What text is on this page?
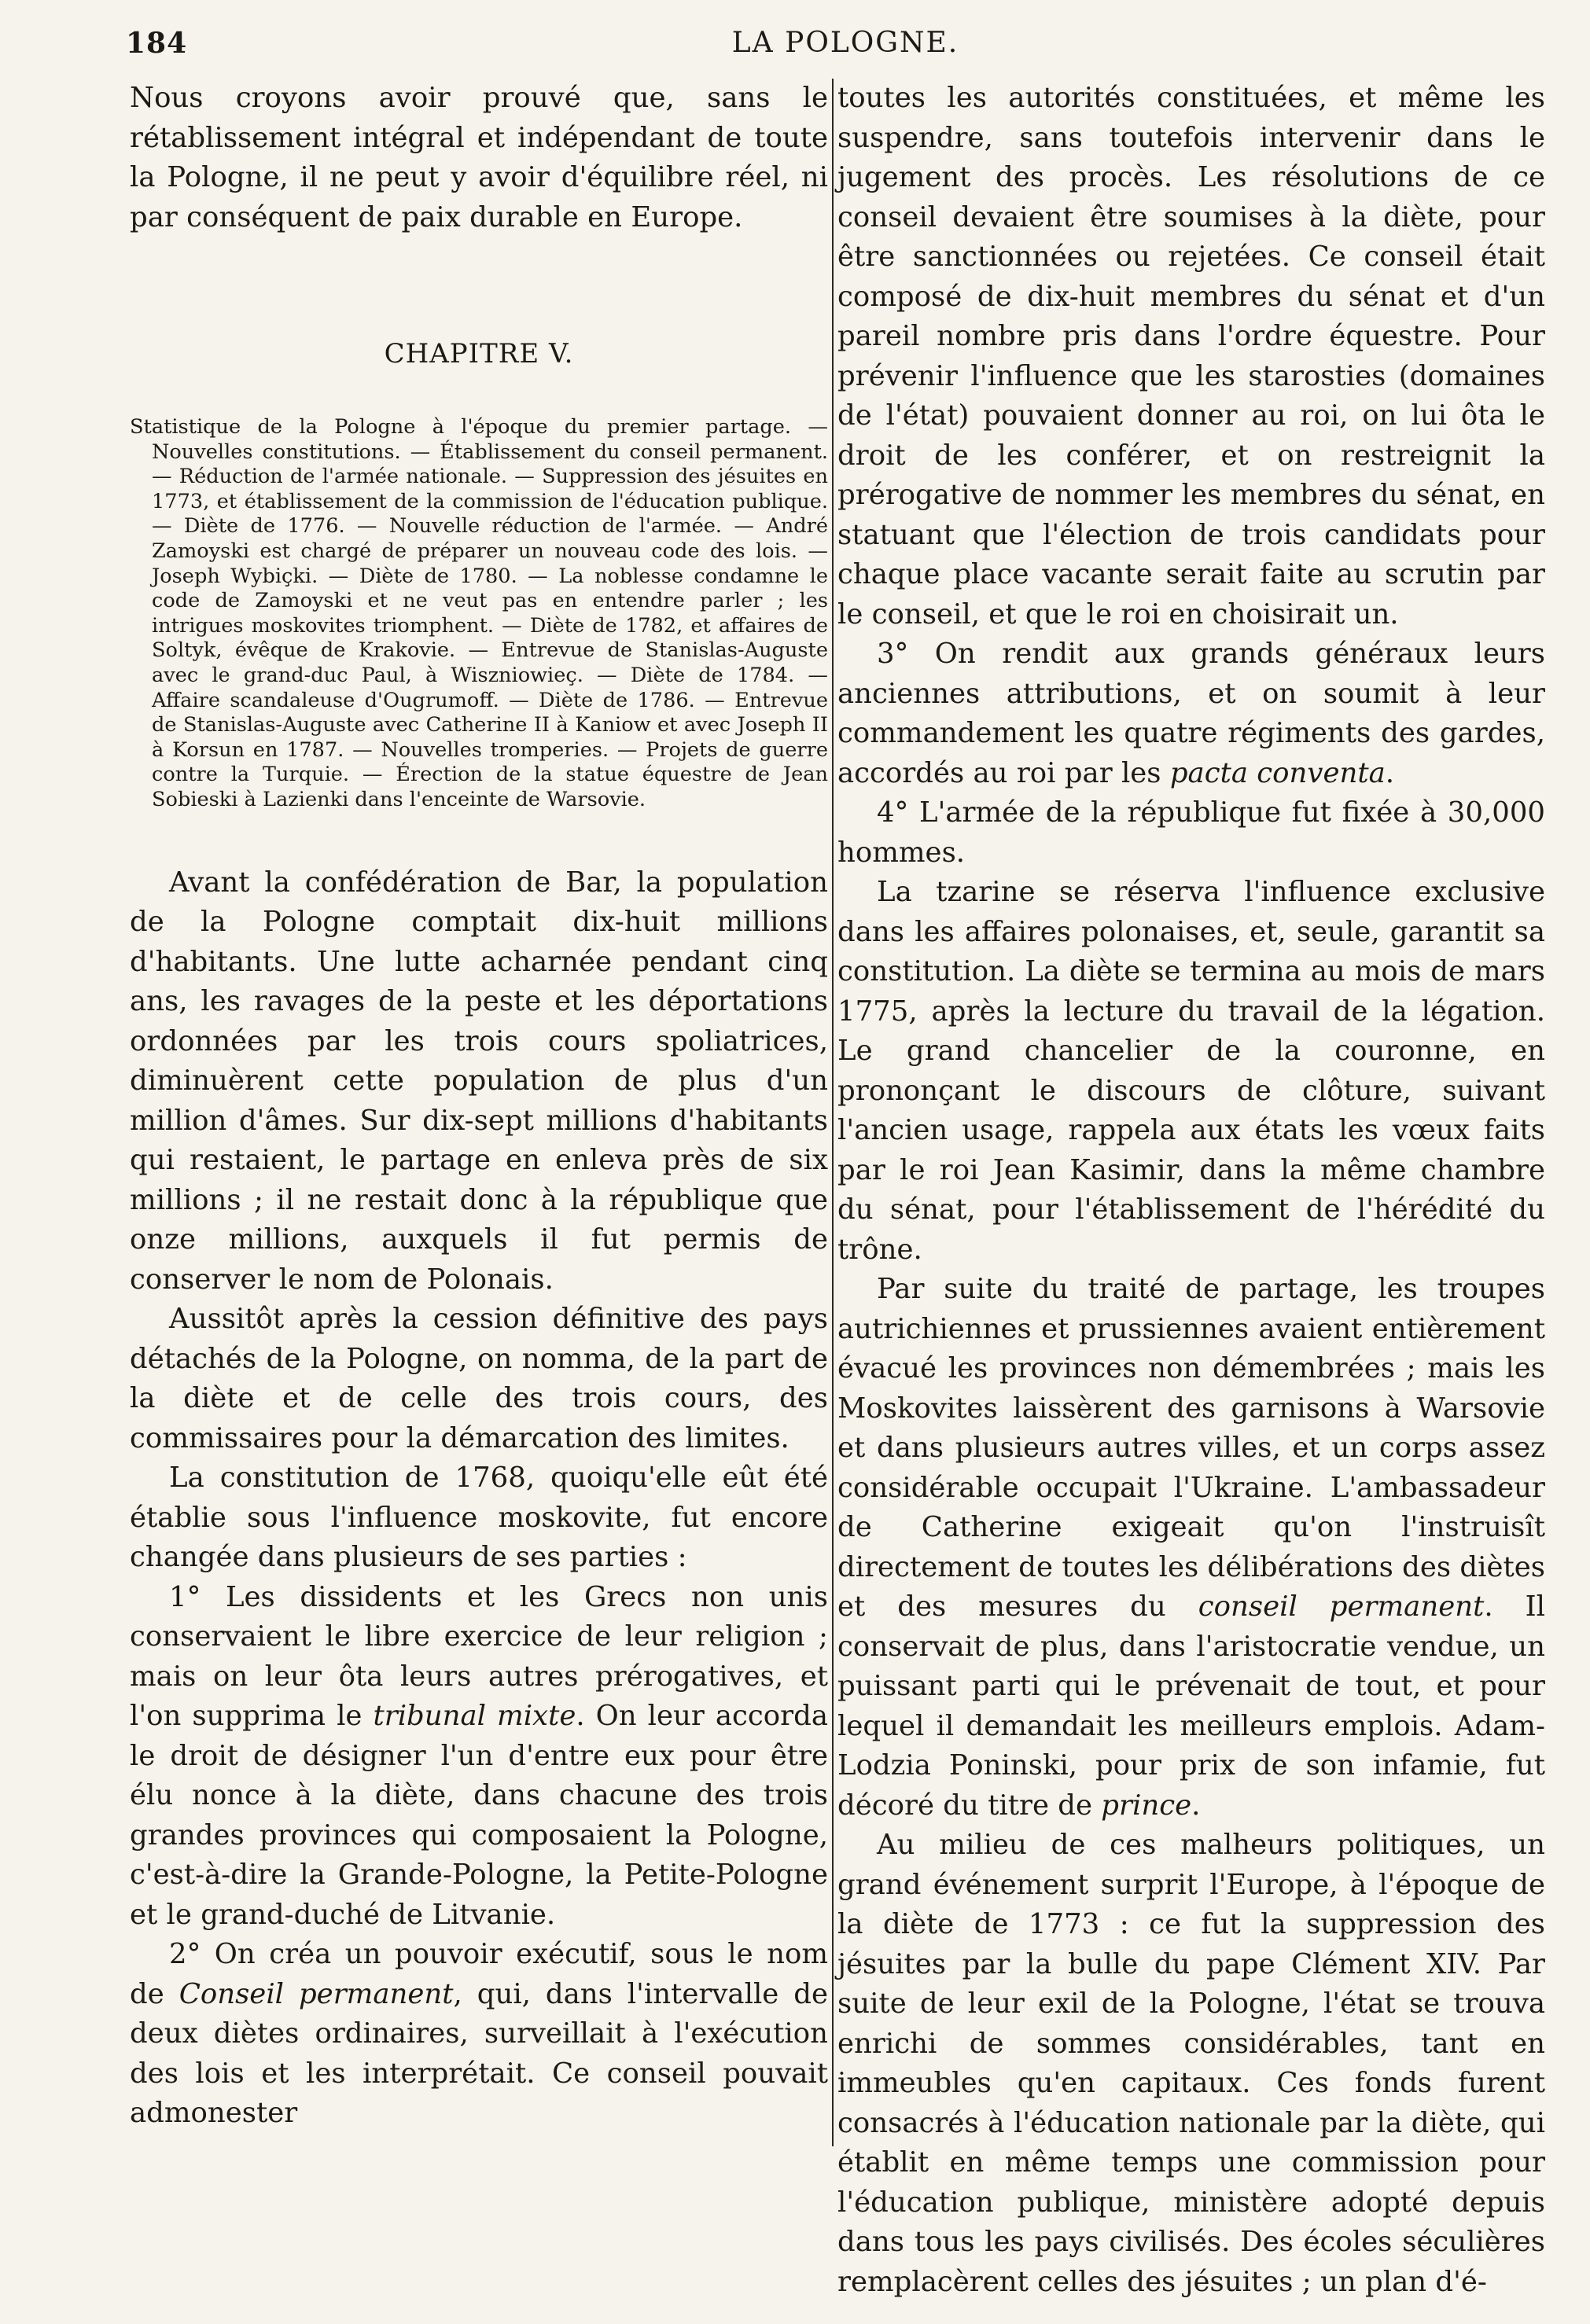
184	LA POLOGNE.

Nous croyons avoir prouvé que, sans le rétablissement intégral et indépendant de toute la Pologne, il ne peut y avoir d'équilibre réel, ni par conséquent de paix durable en Europe.

CHAPITRE V.

Statistique de la Pologne à l'époque du premier partage. — Nouvelles constitutions. — Établissement du conseil permanent. — Réduction de l'armée nationale. — Suppression des jésuites en 1773, et établissement de la commission de l'éducation publique. — Diète de 1776. — Nouvelle réduction de l'armée. — André Zamoyski est chargé de préparer un nouveau code des lois. — Joseph Wybiçki. — Diète de 1780. — La noblesse condamne le code de Zamoyski et ne veut pas en entendre parler ; les intrigues moskovites triomphent. — Diète de 1782, et affaires de Soltyk, évêque de Krakovie. — Entrevue de Stanislas-Auguste avec le grand-duc Paul, à Wiszniowieç. — Diète de 1784. — Affaire scandaleuse d'Ougrumoff. — Diète de 1786. — Entrevue de Stanislas-Auguste avec Catherine II à Kaniow et avec Joseph II à Korsun en 1787. — Nouvelles tromperies. — Projets de guerre contre la Turquie. — Érection de la statue équestre de Jean Sobieski à Lazienki dans l'enceinte de Warsovie.

Avant la confédération de Bar, la population de la Pologne comptait dix-huit millions d'habitants. Une lutte acharnée pendant cinq ans, les ravages de la peste et les déportations ordonnées par les trois cours spoliatrices, diminuèrent cette population de plus d'un million d'âmes. Sur dix-sept millions d'habitants qui restaient, le partage en enleva près de six millions ; il ne restait donc à la république que onze millions, auxquels il fut permis de conserver le nom de Polonais.

Aussitôt après la cession définitive des pays détachés de la Pologne, on nomma, de la part de la diète et de celle des trois cours, des commissaires pour la démarcation des limites.

La constitution de 1768, quoiqu'elle eût été établie sous l'influence moskovite, fut encore changée dans plusieurs de ses parties :

1° Les dissidents et les Grecs non unis conservaient le libre exercice de leur religion ; mais on leur ôta leurs autres prérogatives, et l'on supprima le tribunal mixte. On leur accorda le droit de désigner l'un d'entre eux pour être élu nonce à la diète, dans chacune des trois grandes provinces qui composaient la Pologne, c'est-à-dire la Grande-Pologne, la Petite-Pologne et le grand-duché de Litvanie.

2° On créa un pouvoir exécutif, sous le nom de Conseil permanent, qui, dans l'intervalle de deux diètes ordinaires, surveillait à l'exécution des lois et les interprétait. Ce conseil pouvait admonester

toutes les autorités constituées, et même les suspendre, sans toutefois intervenir dans le jugement des procès. Les résolutions de ce conseil devaient être soumises à la diète, pour être sanctionnées ou rejetées. Ce conseil était composé de dix-huit membres du sénat et d'un pareil nombre pris dans l'ordre équestre. Pour prévenir l'influence que les starosties (domaines de l'état) pouvaient donner au roi, on lui ôta le droit de les conférer, et on restreignit la prérogative de nommer les membres du sénat, en statuant que l'élection de trois candidats pour chaque place vacante serait faite au scrutin par le conseil, et que le roi en choisirait un.

3° On rendit aux grands généraux leurs anciennes attributions, et on soumit à leur commandement les quatre régiments des gardes, accordés au roi par les pacta conventa.

4° L'armée de la république fut fixée à 30,000 hommes.

La tzarine se réserva l'influence exclusive dans les affaires polonaises, et, seule, garantit sa constitution. La diète se termina au mois de mars 1775, après la lecture du travail de la légation. Le grand chancelier de la couronne, en prononçant le discours de clôture, suivant l'ancien usage, rappela aux états les vœux faits par le roi Jean Kasimir, dans la même chambre du sénat, pour l'établissement de l'hérédité du trône.

Par suite du traité de partage, les troupes autrichiennes et prussiennes avaient entièrement évacué les provinces non démembrées ; mais les Moskovites laissèrent des garnisons à Warsovie et dans plusieurs autres villes, et un corps assez considérable occupait l'Ukraine. L'ambassadeur de Catherine exigeait qu'on l'instruisît directement de toutes les délibérations des diètes et des mesures du conseil permanent. Il conservait de plus, dans l'aristocratie vendue, un puissant parti qui le prévenait de tout, et pour lequel il demandait les meilleurs emplois. Adam-Lodzia Poninski, pour prix de son infamie, fut décoré du titre de prince.

Au milieu de ces malheurs politiques, un grand événement surprit l'Europe, à l'époque de la diète de 1773 : ce fut la suppression des jésuites par la bulle du pape Clément XIV. Par suite de leur exil de la Pologne, l'état se trouva enrichi de sommes considérables, tant en immeubles qu'en capitaux. Ces fonds furent consacrés à l'éducation nationale par la diète, qui établit en même temps une commission pour l'éducation publique, ministère adopté depuis dans tous les pays civilisés. Des écoles séculières remplacèrent celles des jésuites ; un plan d'é-
